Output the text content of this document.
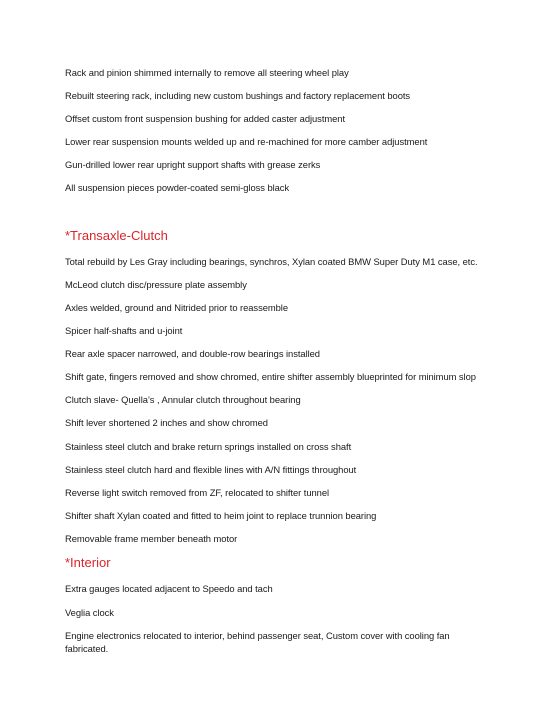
Rack and pinion shimmed internally to remove all steering wheel play
Rebuilt steering rack, including new custom bushings and factory replacement boots
Offset custom front suspension bushing for added caster adjustment
Lower rear suspension mounts welded up and re-machined for more camber adjustment
Gun-drilled lower rear upright support shafts with grease zerks
All suspension pieces powder-coated semi-gloss black
*Transaxle-Clutch
Total rebuild by Les Gray including bearings, synchros, Xylan coated BMW Super Duty M1 case, etc.
McLeod clutch disc/pressure plate assembly
Axles welded, ground and Nitrided prior to reassemble
Spicer half-shafts and u-joint
Rear axle spacer narrowed, and double-row bearings installed
Shift gate, fingers removed and show chromed, entire shifter assembly blueprinted for minimum slop
Clutch slave- Quella’s , Annular clutch throughout bearing
Shift lever shortened 2 inches and show chromed
Stainless steel clutch and brake return springs installed on cross shaft
Stainless steel clutch hard and flexible lines with A/N fittings throughout
Reverse light switch removed from ZF, relocated to shifter tunnel
Shifter shaft Xylan coated and fitted to heim joint to replace trunnion bearing
Removable frame member beneath motor
*Interior
Extra gauges located adjacent to Speedo and tach
Veglia clock
Engine electronics relocated to interior, behind passenger seat, Custom cover with cooling fan fabricated.
